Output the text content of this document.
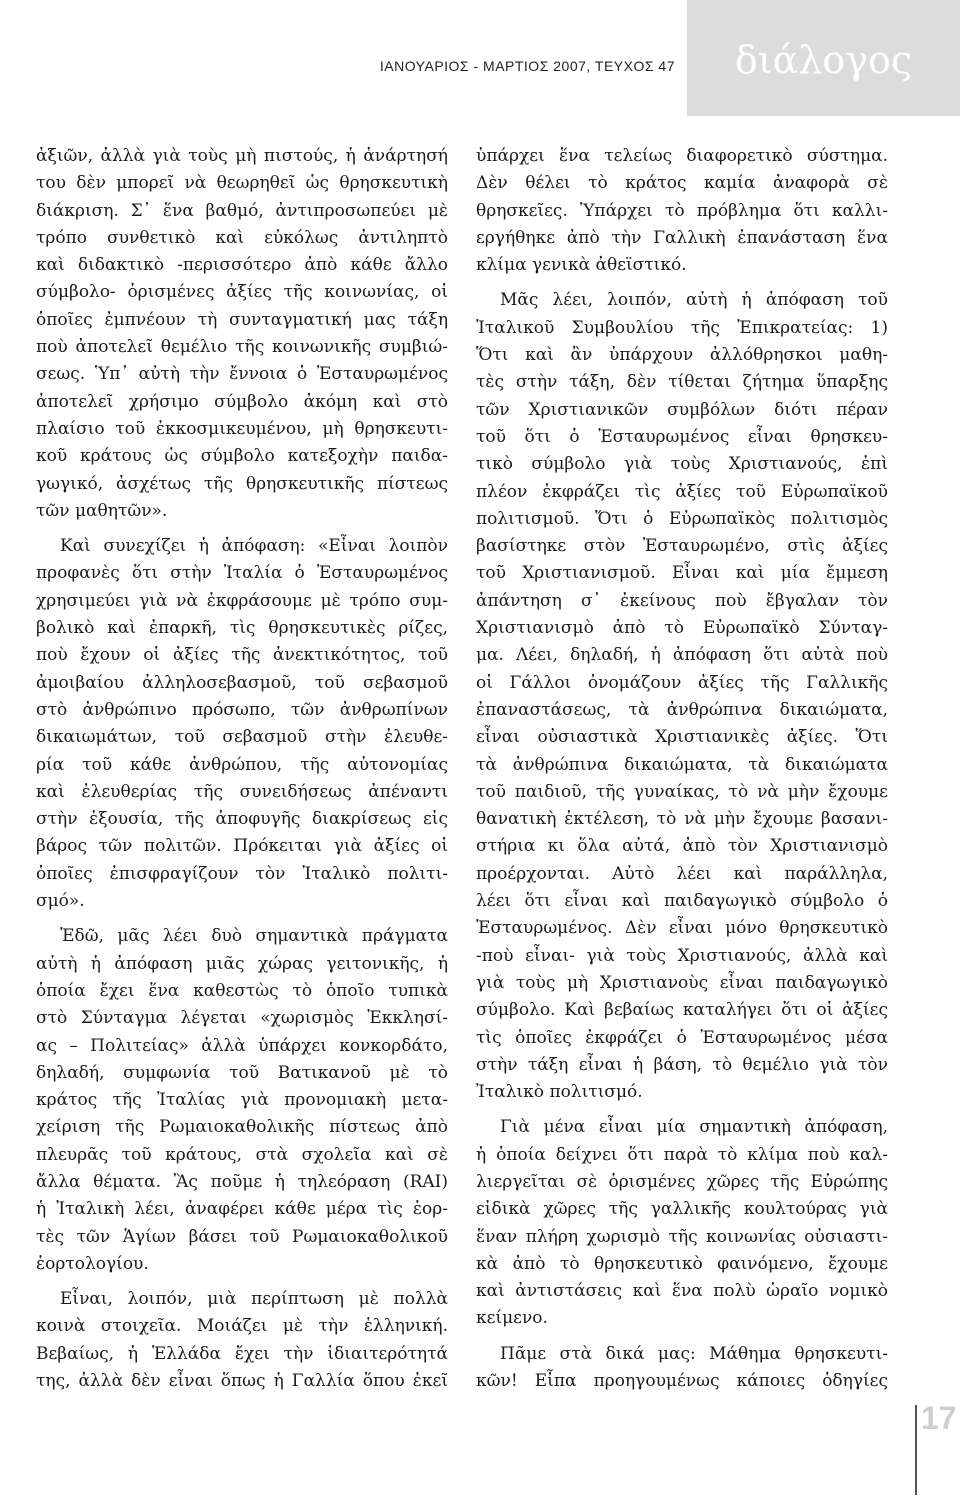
ΙΑΝΟΥΑΡΙΟΣ - ΜΑΡΤΙΟΣ 2007, ΤΕΥΧΟΣ 47	διάλογος
ἀξιῶν, ἀλλὰ γιὰ τοὺς μὴ πιστούς, ἡ ἀνάρτησή
του δὲν μπορεῖ νὰ θεωρηθεῖ ὡς θρησκευτικὴ
διάκριση. Σ᾽ ἕνα βαθμό, ἀντιπροσωπεύει μὲ
τρόπο συνθετικὸ καὶ εὐκόλως ἀντιληπτὸ
καὶ διδακτικὸ -περισσότερο ἀπὸ κάθε ἄλλο
σύμβολο- ὁρισμένες ἀξίες τῆς κοινωνίας, οἱ
ὁποῖες ἐμπνέουν τὴ συνταγματική μας τάξη
ποὺ ἀποτελεῖ θεμέλιο τῆς κοινωνικῆς συμβιώ-
σεως. Ὑπ᾽ αὐτὴ τὴν ἔννοια ὁ Ἐσταυρωμένος
ἀποτελεῖ χρήσιμο σύμβολο ἀκόμη καὶ στὸ
πλαίσιο τοῦ ἐκκοσμικευμένου, μὴ θρησκευτι-
κοῦ κράτους ὡς σύμβολο κατεξοχὴν παιδα-
γωγικό, ἀσχέτως τῆς θρησκευτικῆς πίστεως
τῶν μαθητῶν».
Καὶ συνεχίζει ἡ ἀπόφαση: «Εἶναι λοιπὸν
προφανὲς ὅτι στὴν Ἰταλία ὁ Ἐσταυρωμένος
χρησιμεύει γιὰ νὰ ἐκφράσουμε μὲ τρόπο συμ-
βολικὸ καὶ ἐπαρκῆ, τὶς θρησκευτικὲς ρίζες,
ποὺ ἔχουν οἱ ἀξίες τῆς ἀνεκτικότητος, τοῦ
ἀμοιβαίου ἀλληλοσεβασμοῦ, τοῦ σεβασμοῦ
στὸ ἀνθρώπινο πρόσωπο, τῶν ἀνθρωπίνων
δικαιωμάτων, τοῦ σεβασμοῦ στὴν ἐλευθε-
ρία τοῦ κάθε ἀνθρώπου, τῆς αὐτονομίας
καὶ ἐλευθερίας τῆς συνειδήσεως ἀπέναντι
στὴν ἐξουσία, τῆς ἀποφυγῆς διακρίσεως εἰς
βάρος τῶν πολιτῶν. Πρόκειται γιὰ ἀξίες οἱ
ὁποῖες ἐπισφραγίζουν τὸν Ἰταλικὸ πολιτι-
σμό».
Ἐδῶ, μᾶς λέει δυὸ σημαντικὰ πράγματα
αὐτὴ ἡ ἀπόφαση μιᾶς χώρας γειτονικῆς, ἡ
ὁποία ἔχει ἕνα καθεστὼς τὸ ὁποῖο τυπικὰ
στὸ Σύνταγμα λέγεται «χωρισμὸς Ἐκκλησί-
ας – Πολιτείας» ἀλλὰ ὑπάρχει κονκορδάτο,
δηλαδή, συμφωνία τοῦ Βατικανοῦ μὲ τὸ
κράτος τῆς Ἰταλίας γιὰ προνομιακὴ μετα-
χείριση τῆς Ρωμαιοκαθολικῆς πίστεως ἀπὸ
πλευρᾶς τοῦ κράτους, στὰ σχολεῖα καὶ σὲ
ἄλλα θέματα. Ἂς ποῦμε ἡ τηλεόραση (RAI)
ἡ Ἰταλικὴ λέει, ἀναφέρει κάθε μέρα τὶς ἑορ-
τὲς τῶν Ἁγίων βάσει τοῦ Ρωμαιοκαθολικοῦ
ἑορτολογίου.
Εἶναι, λοιπόν, μιὰ περίπτωση μὲ πολλὰ
κοινὰ στοιχεῖα. Μοιάζει μὲ τὴν ἑλληνική.
Βεβαίως, ἡ Ἑλλάδα ἔχει τὴν ἰδιαιτερότητά
της, ἀλλὰ δὲν εἶναι ὅπως ἡ Γαλλία ὅπου ἐκεῖ
ὑπάρχει ἕνα τελείως διαφορετικὸ σύστημα.
Δὲν θέλει τὸ κράτος καμία ἀναφορὰ σὲ
θρησκεῖες. Ὑπάρχει τὸ πρόβλημα ὅτι καλλι-
εργήθηκε ἀπὸ τὴν Γαλλικὴ ἐπανάσταση ἕνα
κλίμα γενικὰ ἀθεϊστικό.
Μᾶς λέει, λοιπόν, αὐτὴ ἡ ἀπόφαση τοῦ
Ἰταλικοῦ Συμβουλίου τῆς Ἐπικρατείας: 1)
Ὅτι καὶ ἂν ὑπάρχουν ἀλλόθρησκοι μαθη-
τὲς στὴν τάξη, δὲν τίθεται ζήτημα ὕπαρξης
τῶν Χριστιανικῶν συμβόλων διότι πέραν
τοῦ ὅτι ὁ Ἐσταυρωμένος εἶναι θρησκευ-
τικὸ σύμβολο γιὰ τοὺς Χριστιανούς, ἐπὶ
πλέον ἐκφράζει τὶς ἀξίες τοῦ Εὐρωπαϊκοῦ
πολιτισμοῦ. Ὅτι ὁ Εὐρωπαϊκὸς πολιτισμὸς
βασίστηκε στὸν Ἐσταυρωμένο, στὶς ἀξίες
τοῦ Χριστιανισμοῦ. Εἶναι καὶ μία ἔμμεση
ἀπάντηση σ᾽ ἐκείνους ποὺ ἔβγαλαν τὸν
Χριστιανισμὸ ἀπὸ τὸ Εὐρωπαϊκὸ Σύνταγ-
μα. Λέει, δηλαδή, ἡ ἀπόφαση ὅτι αὐτὰ ποὺ
οἱ Γάλλοι ὀνομάζουν ἀξίες τῆς Γαλλικῆς
ἐπαναστάσεως, τὰ ἀνθρώπινα δικαιώματα,
εἶναι οὐσιαστικὰ Χριστιανικὲς ἀξίες. Ὅτι
τὰ ἀνθρώπινα δικαιώματα, τὰ δικαιώματα
τοῦ παιδιοῦ, τῆς γυναίκας, τὸ νὰ μὴν ἔχουμε
θανατικὴ ἐκτέλεση, τὸ νὰ μὴν ἔχουμε βασανι-
στήρια κι ὅλα αὐτά, ἀπὸ τὸν Χριστιανισμὸ
προέρχονται. Αὐτὸ λέει καὶ παράλληλα,
λέει ὅτι εἶναι καὶ παιδαγωγικὸ σύμβολο ὁ
Ἐσταυρωμένος. Δὲν εἶναι μόνο θρησκευτικὸ
-ποὺ εἶναι- γιὰ τοὺς Χριστιανούς, ἀλλὰ καὶ
γιὰ τοὺς μὴ Χριστιανοὺς εἶναι παιδαγωγικὸ
σύμβολο. Καὶ βεβαίως καταλήγει ὅτι οἱ ἀξίες
τὶς ὁποῖες ἐκφράζει ὁ Ἐσταυρωμένος μέσα
στὴν τάξη εἶναι ἡ βάση, τὸ θεμέλιο γιὰ τὸν
Ἰταλικὸ πολιτισμό.
Γιὰ μένα εἶναι μία σημαντικὴ ἀπόφαση,
ἡ ὁποία δείχνει ὅτι παρὰ τὸ κλίμα ποὺ καλ-
λιεργεῖται σὲ ὁρισμένες χῶρες τῆς Εὐρώπης
εἰδικὰ χῶρες τῆς γαλλικῆς κουλτούρας γιὰ
ἕναν πλήρη χωρισμὸ τῆς κοινωνίας οὐσιαστι-
κὰ ἀπὸ τὸ θρησκευτικὸ φαινόμενο, ἔχουμε
καὶ ἀντιστάσεις καὶ ἕνα πολὺ ὡραῖο νομικὸ
κείμενο.
Πᾶμε στὰ δικά μας: Μάθημα θρησκευτι-
κῶν! Εἶπα προηγουμένως κάποιες ὁδηγίες
17
